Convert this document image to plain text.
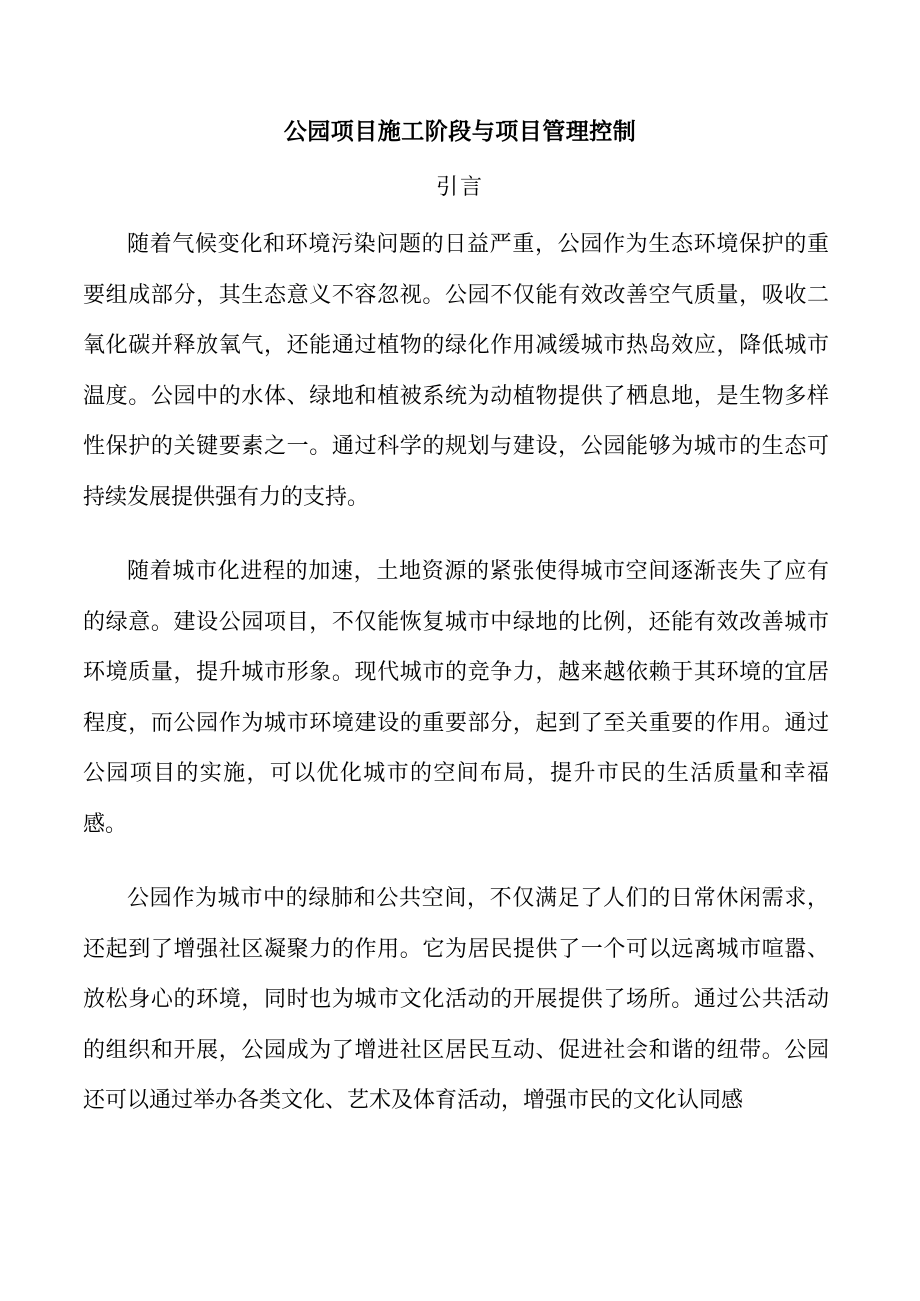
公园项目施工阶段与项目管理控制
引言

随着气候变化和环境污染问题的日益严重，公园作为生态环境保护的重要组成部分，其生态意义不容忽视。公园不仅能有效改善空气质量，吸收二氧化碳并释放氧气，还能通过植物的绿化作用减缓城市热岛效应，降低城市温度。公园中的水体、绿地和植被系统为动植物提供了栖息地，是生物多样性保护的关键要素之一。通过科学的规划与建设，公园能够为城市的生态可持续发展提供强有力的支持。

随着城市化进程的加速，土地资源的紧张使得城市空间逐渐丧失了应有的绿意。建设公园项目，不仅能恢复城市中绿地的比例，还能有效改善城市环境质量，提升城市形象。现代城市的竞争力，越来越依赖于其环境的宜居程度，而公园作为城市环境建设的重要部分，起到了至关重要的作用。通过公园项目的实施，可以优化城市的空间布局，提升市民的生活质量和幸福感。

公园作为城市中的绿肺和公共空间，不仅满足了人们的日常休闲需求，还起到了增强社区凝聚力的作用。它为居民提供了一个可以远离城市喧嚣、放松身心的环境，同时也为城市文化活动的开展提供了场所。通过公共活动的组织和开展，公园成为了增进社区居民互动、促进社会和谐的纽带。公园还可以通过举办各类文化、艺术及体育活动，增强市民的文化认同感
